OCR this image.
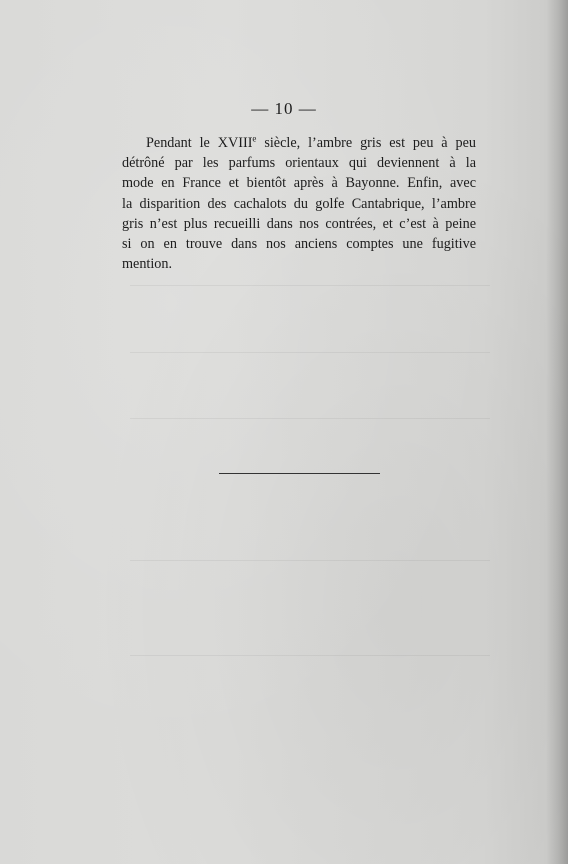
— 10 —
Pendant le XVIIIe siècle, l’ambre gris est peu à peu
détrôné par les parfums orientaux qui deviennent à la
mode en France et bientôt après à Bayonne. Enfin, avec
la disparition des cachalots du golfe Cantabrique, l’ambre
gris n’est plus recueilli dans nos contrées, et c’est à peine
si on en trouve dans nos anciens comptes une fugitive
mention.
